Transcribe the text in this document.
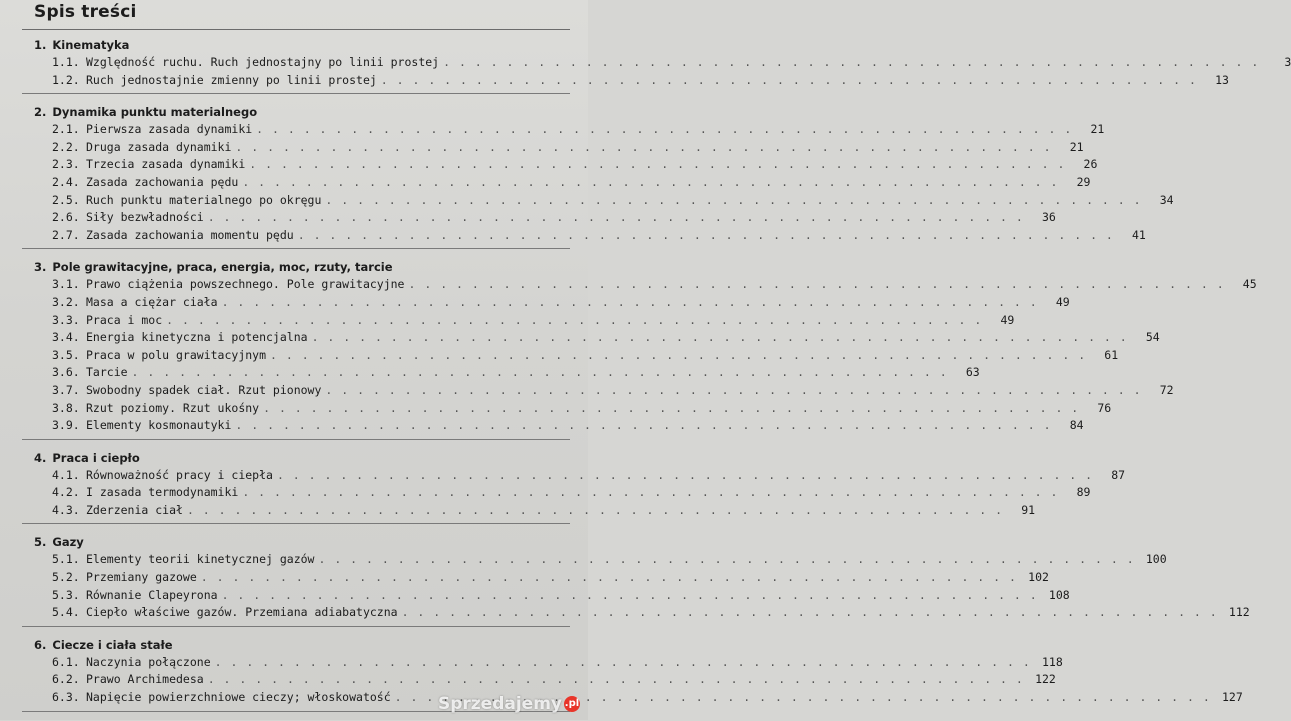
Spis treści
1. Kinematyka
1.1. Względność ruchu. Ruch jednostajny po linii prostej . . .	3
1.2. Ruch jednostajnie zmienny po linii prostej . . .	13
2. Dynamika punktu materialnego
2.1. Pierwsza zasada dynamiki . . .	21
2.2. Druga zasada dynamiki . . .	21
2.3. Trzecia zasada dynamiki . . .	26
2.4. Zasada zachowania pędu . . .	29
2.5. Ruch punktu materialnego po okręgu . . .	34
2.6. Siły bezwładności . . .	36
2.7. Zasada zachowania momentu pędu . . .	41
3. Pole grawitacyjne, praca, energia, moc, rzuty, tarcie
3.1. Prawo ciążenia powszechnego. Pole grawitacyjne . . .	45
3.2. Masa a ciężar ciała . . .	49
3.3. Praca i moc . . .	49
3.4. Energia kinetyczna i potencjalna . . .	54
3.5. Praca w polu grawitacyjnym . . .	61
3.6. Tarcie . . .	63
3.7. Swobodny spadek ciał. Rzut pionowy . . .	72
3.8. Rzut poziomy. Rzut ukośny . . .	76
3.9. Elementy kosmonautyki . . .	84
4. Praca i ciepło
4.1. Równoważność pracy i ciepła . . .	87
4.2. I zasada termodynamiki . . .	89
4.3. Zderzenia ciał . . .	91
5. Gazy
5.1. Elementy teorii kinetycznej gazów . . .	100
5.2. Przemiany gazowe . . .	102
5.3. Równanie Clapeyrona . . .	108
5.4. Ciepło właściwe gazów. Przemiana adiabatyczna . . .	112
6. Ciecze i ciała stałe
6.1. Naczynia połączone . . .	118
6.2. Prawo Archimedesa . . .	122
6.3. Napięcie powierzchniowe cieczy; włoskowatość . . .	127
Sprzedajemy .pl
